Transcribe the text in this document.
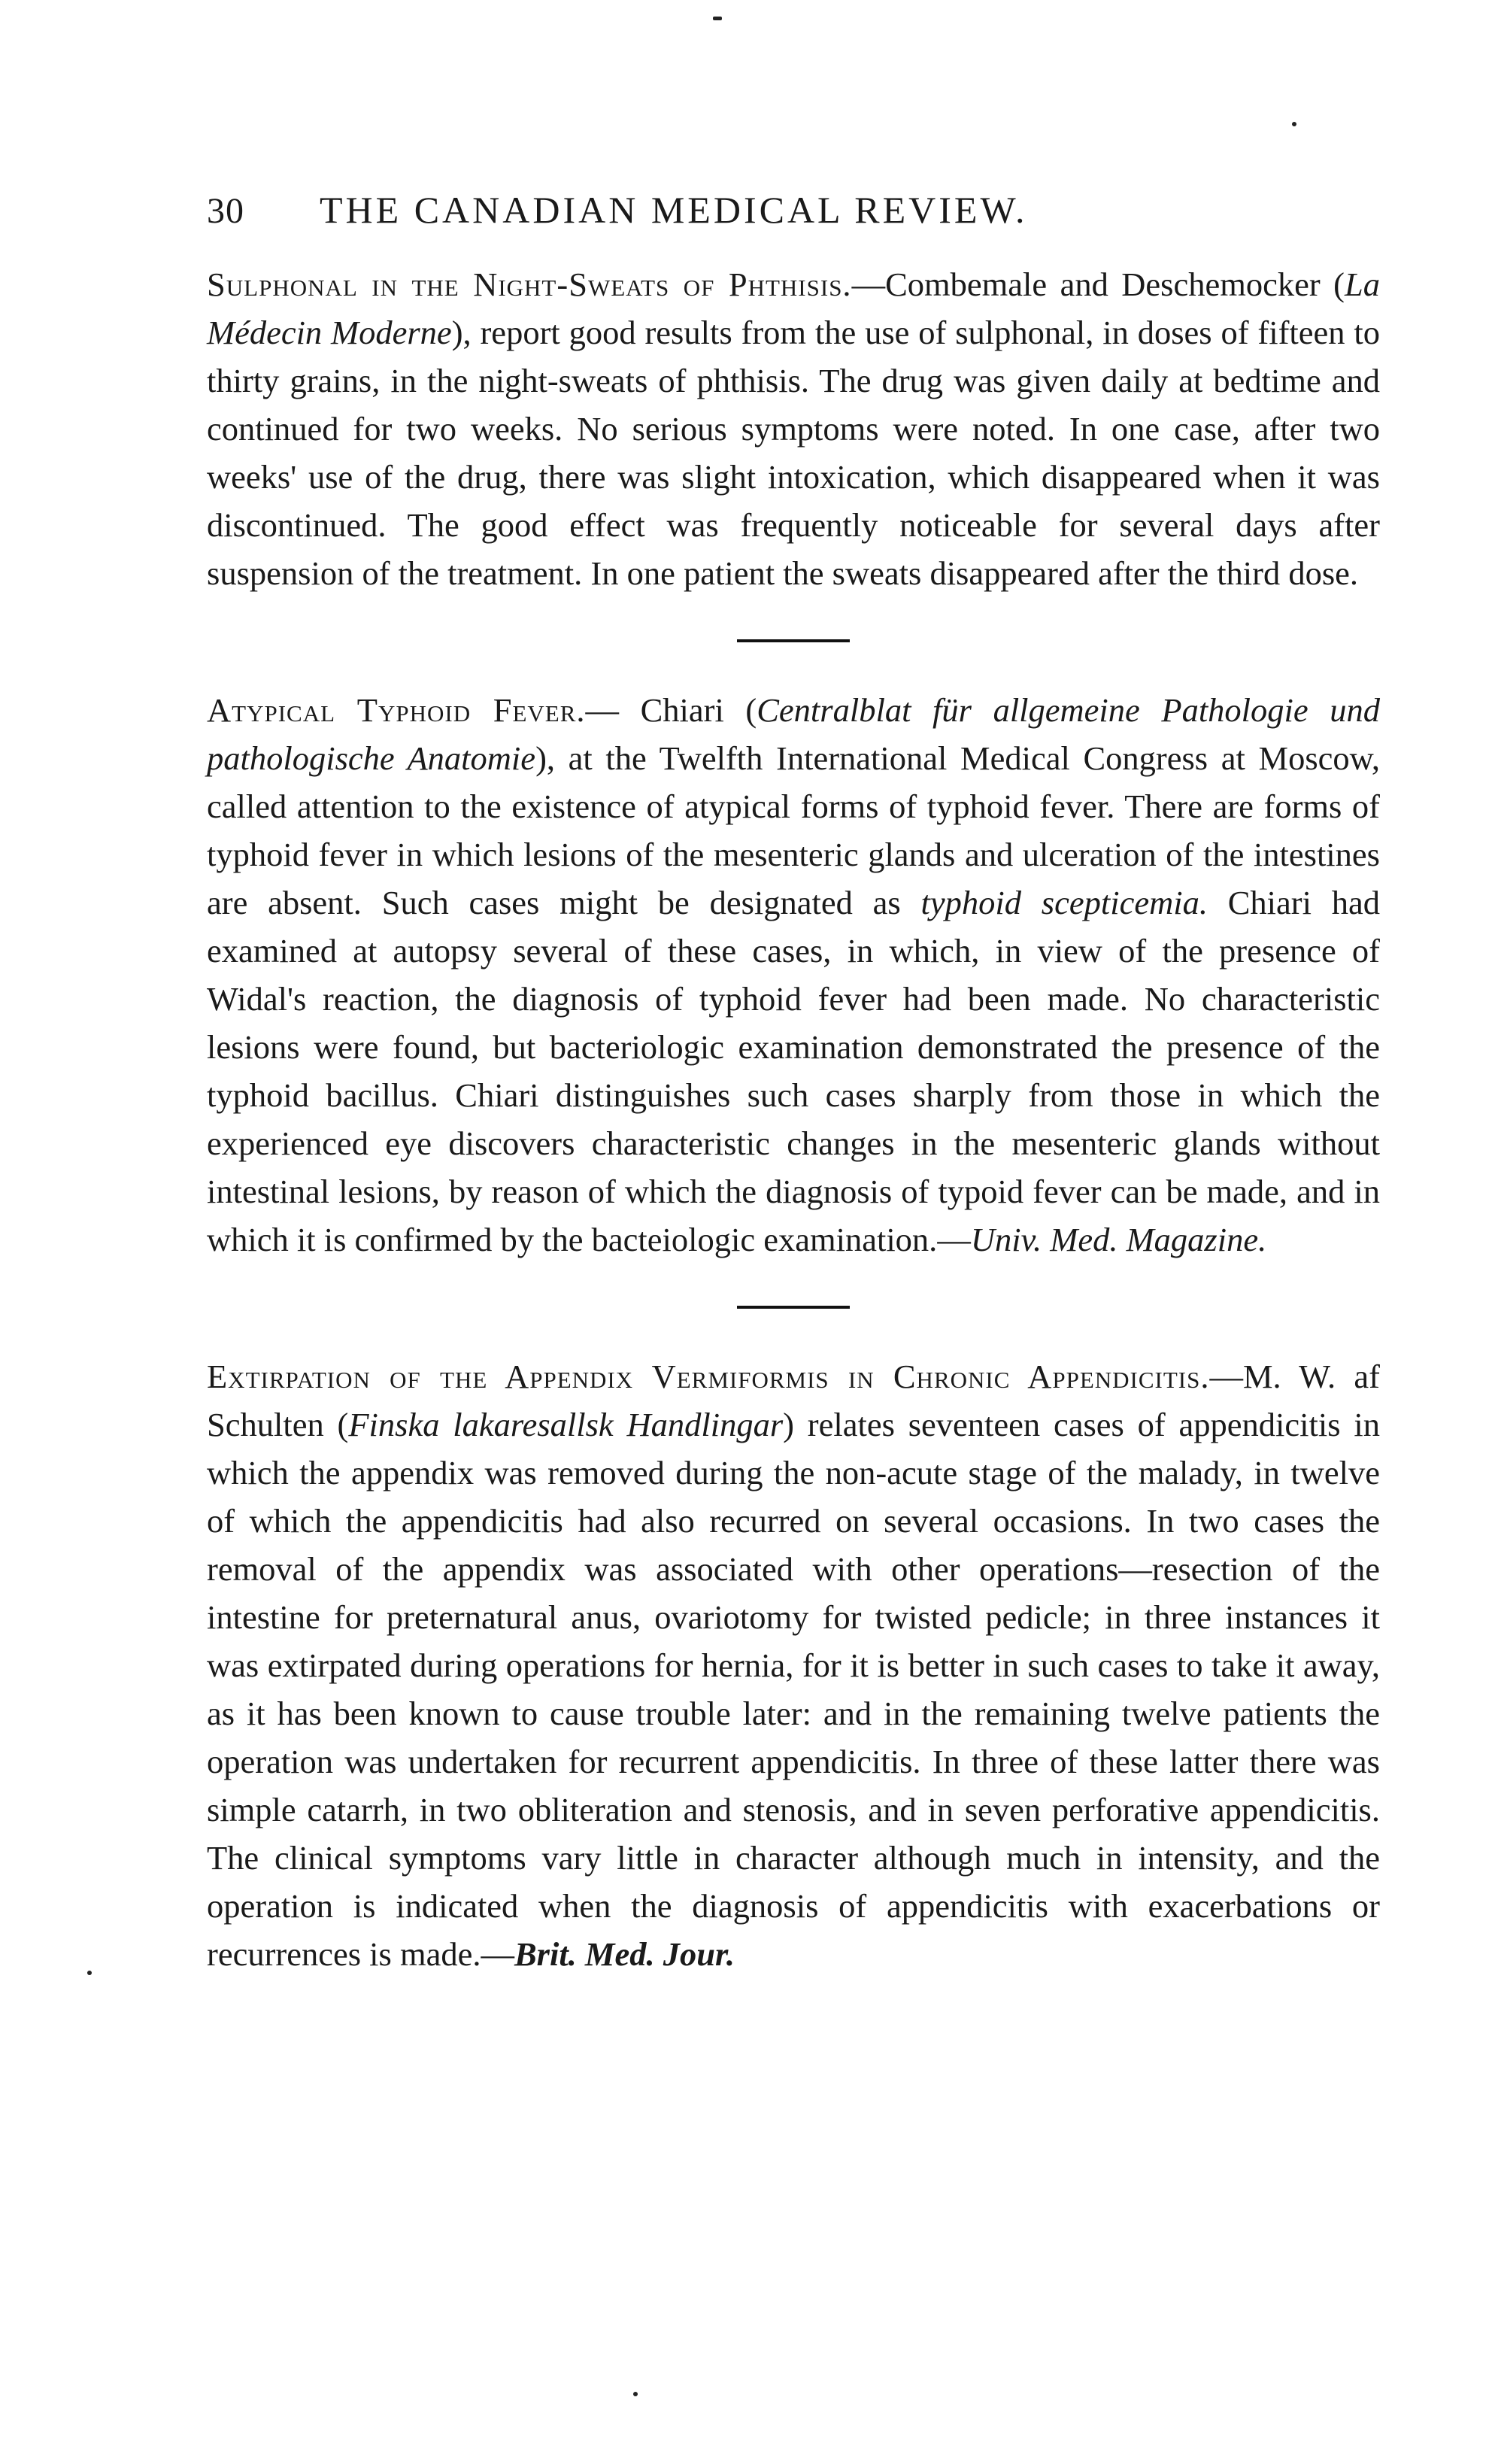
30	THE CANADIAN MEDICAL REVIEW.

Sulphonal in the Night-Sweats of Phthisis.—Combemale and Deschemocker (La Médecin Moderne), report good results from the use of sulphonal, in doses of fifteen to thirty grains, in the night-sweats of phthisis. The drug was given daily at bedtime and continued for two weeks. No serious symptoms were noted. In one case, after two weeks' use of the drug, there was slight intoxication, which disappeared when it was discontinued. The good effect was frequently noticeable for several days after suspension of the treatment. In one patient the sweats disappeared after the third dose.

Atypical Typhoid Fever.— Chiari (Centralblat für allgemeine Pathologie und pathologische Anatomie), at the Twelfth International Medical Congress at Moscow, called attention to the existence of atypical forms of typhoid fever. There are forms of typhoid fever in which lesions of the mesenteric glands and ulceration of the intestines are absent. Such cases might be designated as typhoid scepticemia. Chiari had examined at autopsy several of these cases, in which, in view of the presence of Widal's reaction, the diagnosis of typhoid fever had been made. No characteristic lesions were found, but bacteriologic examination demonstrated the presence of the typhoid bacillus. Chiari distinguishes such cases sharply from those in which the experienced eye discovers characteristic changes in the mesenteric glands without intestinal lesions, by reason of which the diagnosis of typoid fever can be made, and in which it is confirmed by the bacteiologic examination.—Univ. Med. Magazine.

Extirpation of the Appendix Vermiformis in Chronic Appendicitis.—M. W. af Schulten (Finska lakaresallsk Handlingar) relates seventeen cases of appendicitis in which the appendix was removed during the non-acute stage of the malady, in twelve of which the appendicitis had also recurred on several occasions. In two cases the removal of the appendix was associated with other operations—resection of the intestine for preternatural anus, ovariotomy for twisted pedicle; in three instances it was extirpated during operations for hernia, for it is better in such cases to take it away, as it has been known to cause trouble later: and in the remaining twelve patients the operation was undertaken for recurrent appendicitis. In three of these latter there was simple catarrh, in two obliteration and stenosis, and in seven perforative appendicitis. The clinical symptoms vary little in character although much in intensity, and the operation is indicated when the diagnosis of appendicitis with exacerbations or recurrences is made.—Brit. Med. Jour.
